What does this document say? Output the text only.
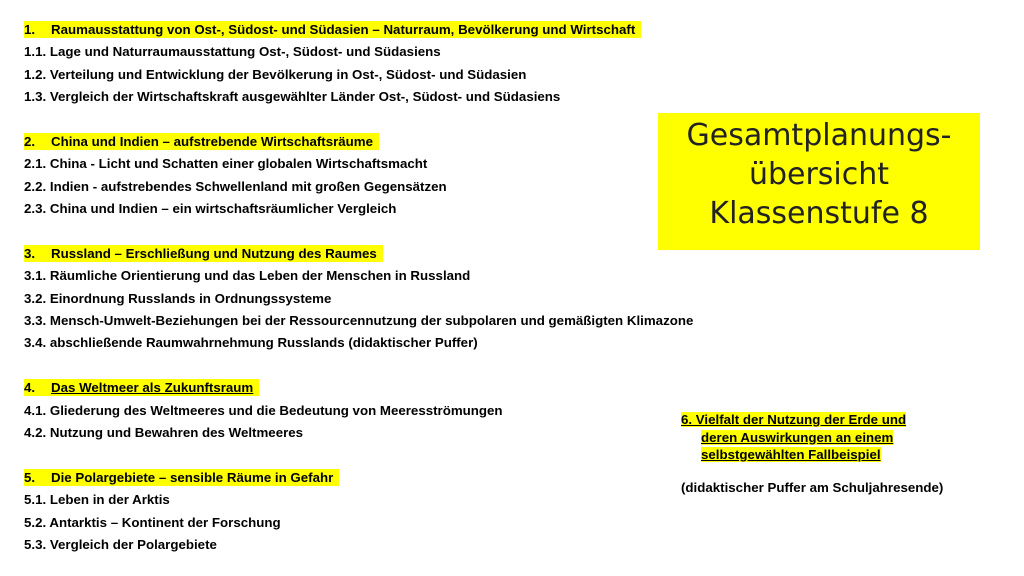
1. Raumausstattung von Ost-, Südost- und Südasien – Naturraum, Bevölkerung und Wirtschaft
1.1. Lage und Naturraumausstattung Ost-, Südost- und Südasiens
1.2. Verteilung und Entwicklung der Bevölkerung in Ost-, Südost- und Südasien
1.3. Vergleich der Wirtschaftskraft ausgewählter Länder Ost-, Südost- und Südasiens
2. China und Indien – aufstrebende Wirtschaftsräume
2.1. China - Licht und Schatten einer globalen Wirtschaftsmacht
2.2. Indien - aufstrebendes Schwellenland mit großen Gegensätzen
2.3. China und Indien – ein wirtschaftsräumlicher Vergleich
3. Russland – Erschließung und Nutzung des Raumes
3.1. Räumliche Orientierung und das Leben der Menschen in Russland
3.2. Einordnung Russlands in Ordnungssysteme
3.3. Mensch-Umwelt-Beziehungen bei der Ressourcennutzung der subpolaren und gemäßigten Klimazone
3.4. abschließende Raumwahrnehmung Russlands (didaktischer Puffer)
4. Das Weltmeer als Zukunftsraum
4.1. Gliederung des Weltmeeres und die Bedeutung von Meeresströmungen
4.2. Nutzung und Bewahren des Weltmeeres
5. Die Polargebiete – sensible Räume in Gefahr
5.1. Leben in der Arktis
5.2. Antarktis – Kontinent der Forschung
5.3. Vergleich der Polargebiete
Gesamtplanungs-
übersicht
Klassenstufe 8
6. Vielfalt der Nutzung der Erde und
deren Auswirkungen an einem
selbstgewählten Fallbeispiel
(didaktischer Puffer am Schuljahresende)
